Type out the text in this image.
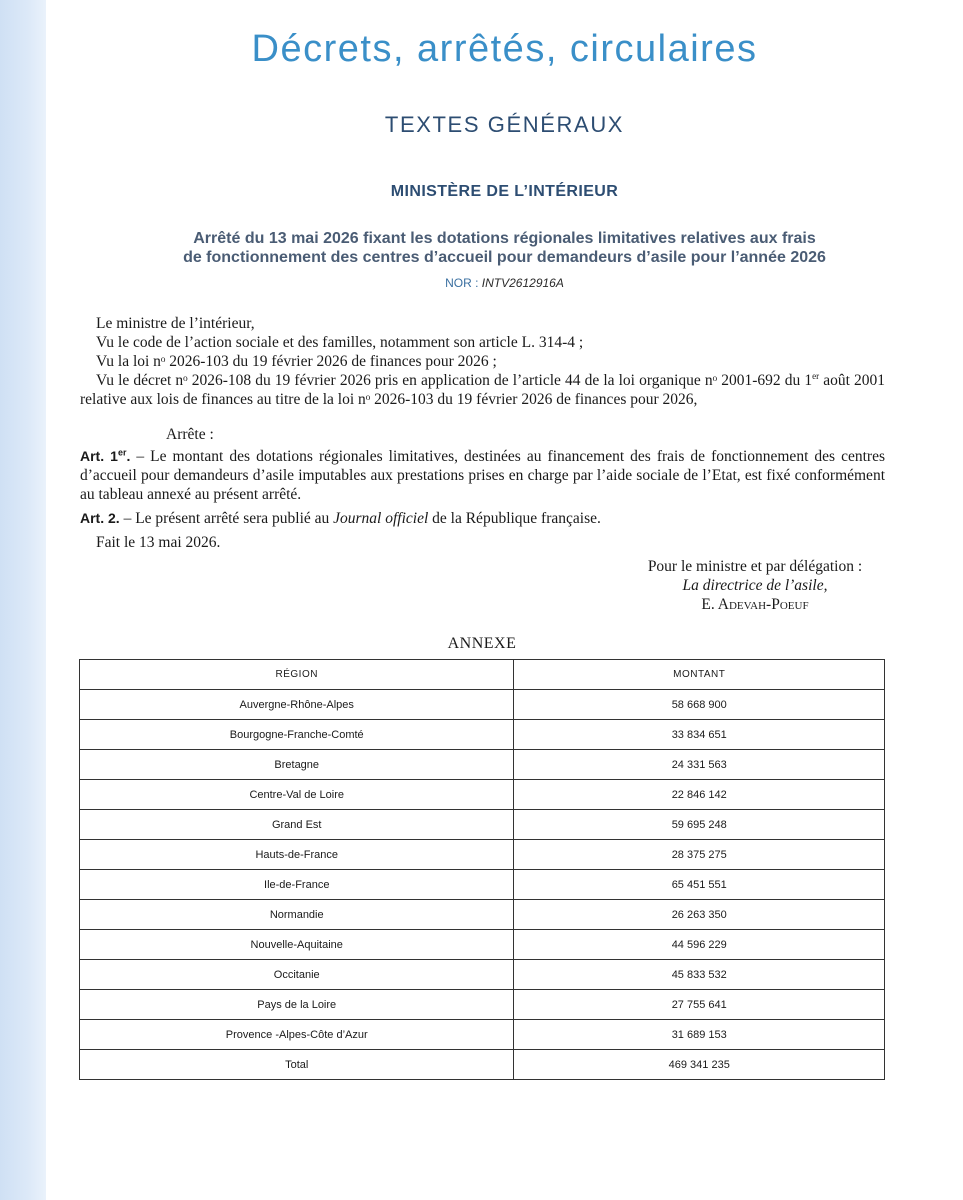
Décrets, arrêtés, circulaires
TEXTES GÉNÉRAUX
MINISTÈRE DE L’INTÉRIEUR
Arrêté du 13 mai 2026 fixant les dotations régionales limitatives relatives aux frais
de fonctionnement des centres d’accueil pour demandeurs d’asile pour l’année 2026
NOR : INTV2612916A
Le ministre de l’intérieur,
Vu le code de l’action sociale et des familles, notamment son article L. 314-4 ;
Vu la loi nᵒ 2026-103 du 19 février 2026 de finances pour 2026 ;
Vu le décret nᵒ 2026-108 du 19 février 2026 pris en application de l’article 44 de la loi organique nᵒ 2001-692 du 1er août 2001 relative aux lois de finances au titre de la loi nᵒ 2026-103 du 19 février 2026 de finances pour 2026,
Arrête :
Art. 1er. – Le montant des dotations régionales limitatives, destinées au financement des frais de fonctionnement des centres d’accueil pour demandeurs d’asile imputables aux prestations prises en charge par l’aide sociale de l’Etat, est fixé conformément au tableau annexé au présent arrêté.
Art. 2. – Le présent arrêté sera publié au Journal officiel de la République française.
Fait le 13 mai 2026.
Pour le ministre et par délégation :
La directrice de l’asile,
E. Adevah-Poeuf
ANNEXE
RÉGION	MONTANT
Auvergne-Rhône-Alpes	58 668 900
Bourgogne-Franche-Comté	33 834 651
Bretagne	24 331 563
Centre-Val de Loire	22 846 142
Grand Est	59 695 248
Hauts-de-France	28 375 275
Ile-de-France	65 451 551
Normandie	26 263 350
Nouvelle-Aquitaine	44 596 229
Occitanie	45 833 532
Pays de la Loire	27 755 641
Provence -Alpes-Côte d’Azur	31 689 153
Total	469 341 235
